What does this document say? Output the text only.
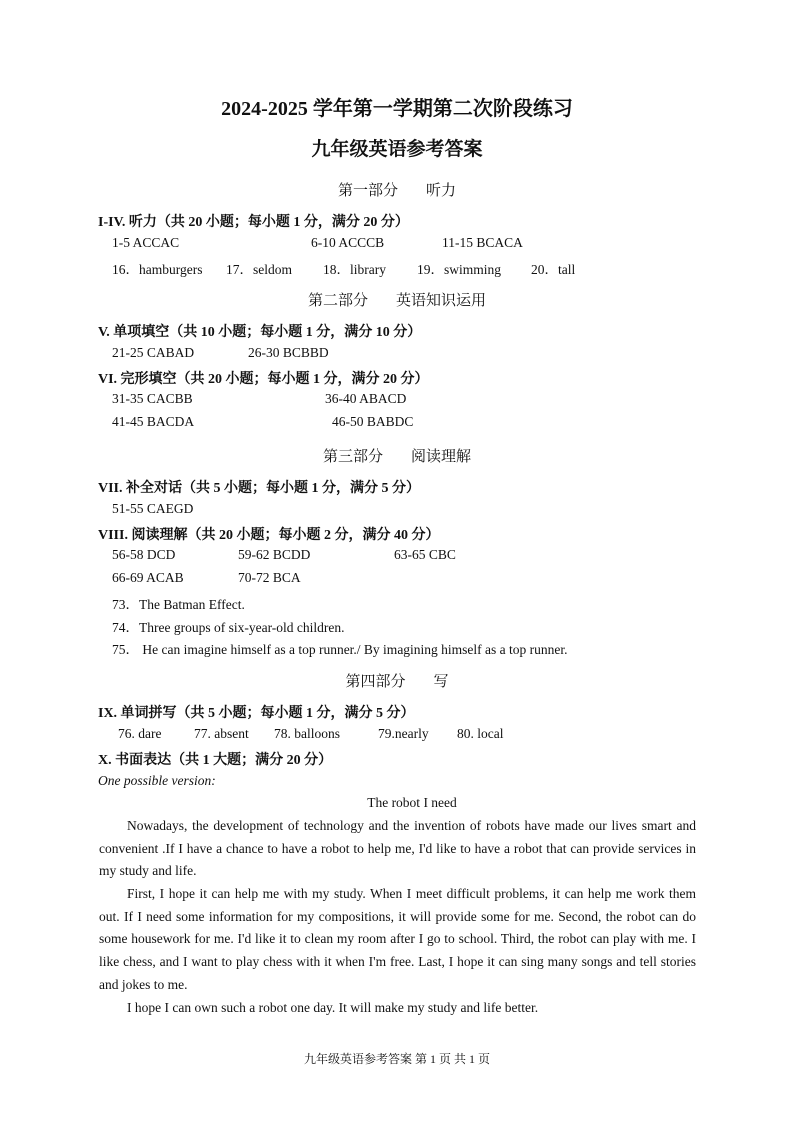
2024-2025 学年第一学期第二次阶段练习
九年级英语参考答案
第一部分 听力
I-IV. 听力（共 20 小题；每小题 1 分，满分 20 分）
1-5 ACCAC	6-10 ACCCB	11-15 BCACA
16．hamburgers 17．seldom 18．library 19．swimming 20．tall
第二部分 英语知识运用
V. 单项填空（共 10 小题；每小题 1 分，满分 10 分）
21-25 CABAD	26-30 BCBBD
VI. 完形填空（共 20 小题；每小题 1 分，满分 20 分）
31-35 CACBB	36-40 ABACD
41-45 BACDA	46-50 BABDC
第三部分 阅读理解
VII. 补全对话（共 5 小题；每小题 1 分，满分 5 分）
51-55 CAEGD
VIII. 阅读理解（共 20 小题；每小题 2 分，满分 40 分）
56-58 DCD	59-62 BCDD	63-65 CBC
66-69 ACAB	70-72 BCA
73．The Batman Effect.
74．Three groups of six-year-old children.
75． He can imagine himself as a top runner./ By imagining himself as a top runner.
第四部分 写
IX. 单词拼写（共 5 小题；每小题 1 分，满分 5 分）
76. dare 77. absent 78. balloons	79.nearly 80. local
X. 书面表达（共 1 大题；满分 20 分）
One possible version:
The robot I need
Nowadays, the development of technology and the invention of robots have made our lives smart and convenient .If I have a chance to have a robot to help me, I'd like to have a robot that can provide services in my study and life.
First, I hope it can help me with my study. When I meet difficult problems, it can help me work them out. If I need some information for my compositions, it will provide some for me. Second, the robot can do some housework for me. I'd like it to clean my room after I go to school. Third, the robot can play with me. I like chess, and I want to play chess with it when I'm free. Last, I hope it can sing many songs and tell stories and jokes to me.
I hope I can own such a robot one day. It will make my study and life better.
九年级英语参考答案 第 1 页 共 1 页
